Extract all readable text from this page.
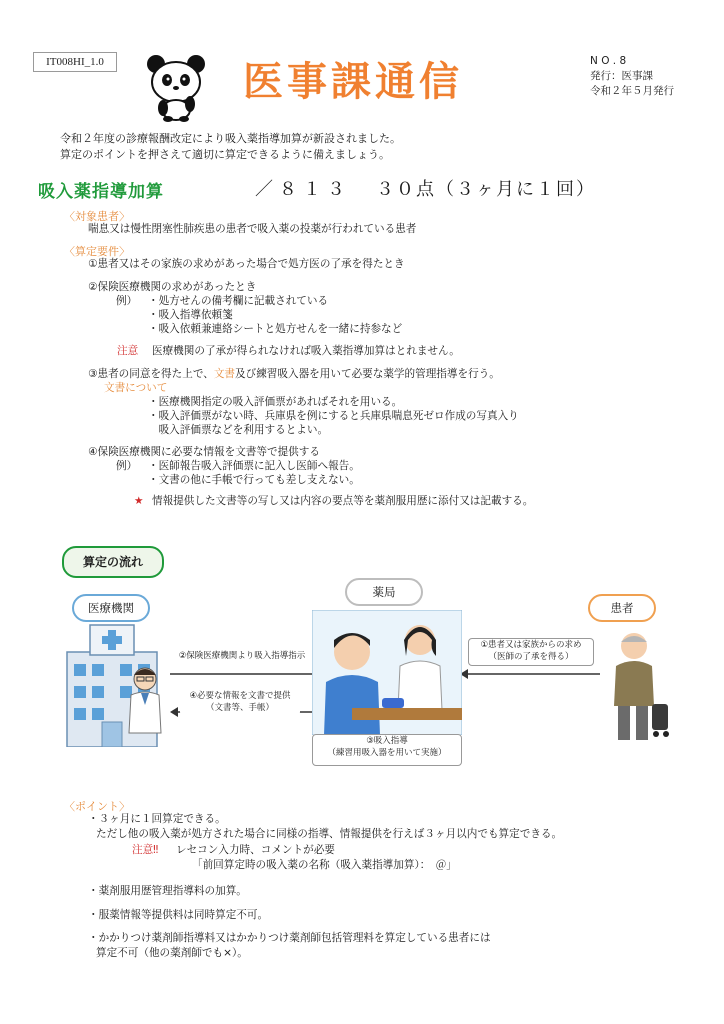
IT008HI_1.0	医事課通信	N O . 8
発行：医事課
令和２年５月発行
令和２年度の診療報酬改定により吸入薬指導加算が新設されました。
算定のポイントを押さえて適切に算定できるように備えましょう。
吸入薬指導加算	／８１３ ３０点（３ヶ月に１回）
〈対象患者〉
喘息又は慢性閉塞性肺疾患の患者で吸入薬の投薬が行われている患者
〈算定要件〉
①患者又はその家族の求めがあった場合で処方医の了承を得たとき
②保険医療機関の求めがあったとき
例） ・処方せんの備考欄に記載されている
・吸入指導依頼箋
・吸入依頼兼連絡シートと処方せんを一緒に持参など
注意 医療機関の了承が得られなければ吸入薬指導加算はとれません。
③患者の同意を得た上で、文書及び練習吸入器を用いて必要な薬学的管理指導を行う。
文書について
・医療機関指定の吸入評価票があればそれを用いる。
・吸入評価票がない時、兵庫県を例にすると兵庫県喘息死ゼロ作成の写真入り
　吸入評価票などを利用するとよい。
④保険医療機関に必要な情報を文書等で提供する
例） ・医師報告吸入評価票に記入し医師へ報告。
・文書の他に手帳で行っても差し支えない。
★ 情報提供した文書等の写し又は内容の要点等を薬剤服用歴に添付又は記載する。
算定の流れ
医療機関
薬局
患者
②保険医療機関より吸入指導指示
④必要な情報を文書で提供
（文書等、手帳）
①患者又は家族からの求め
（医師の了承を得る）
③吸入指導
（練習用吸入器を用いて実施）
〈ポイント〉
・３ヶ月に１回算定できる。
ただし他の吸入薬が処方された場合に同様の指導、情報提供を行えば３ヶ月以内でも算定できる。
注意‼ レセコン入力時、コメントが必要
「前回算定時の吸入薬の名称（吸入薬指導加算）：　＠」
・薬剤服用歴管理指導料の加算。
・服薬情報等提供料は同時算定不可。
・かかりつけ薬剤師指導料又はかかりつけ薬剤師包括管理料を算定している患者には
算定不可（他の薬剤師でも×）。
